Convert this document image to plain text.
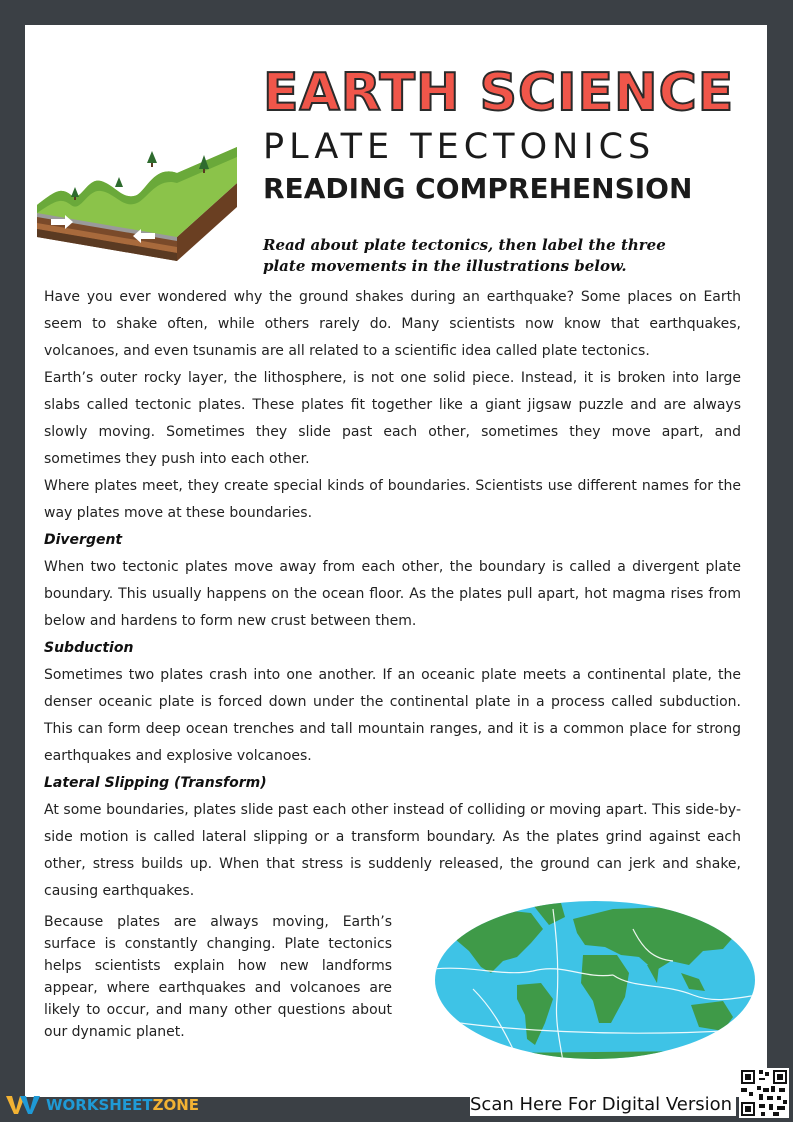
EARTH SCIENCE
PLATE TECTONICS
READING COMPREHENSION
Read about plate tectonics, then label the three plate movements in the illustrations below.

Have you ever wondered why the ground shakes during an earthquake? Some places on Earth seem to shake often, while others rarely do. Many scientists now know that earthquakes, volcanoes, and even tsunamis are all related to a scientific idea called plate tectonics.

Earth’s outer rocky layer, the lithosphere, is not one solid piece. Instead, it is broken into large slabs called tectonic plates. These plates fit together like a giant jigsaw puzzle and are always slowly moving. Sometimes they slide past each other, sometimes they move apart, and sometimes they push into each other.

Where plates meet, they create special kinds of boundaries. Scientists use different names for the way plates move at these boundaries.

Divergent

When two tectonic plates move away from each other, the boundary is called a divergent plate boundary. This usually happens on the ocean floor. As the plates pull apart, hot magma rises from below and hardens to form new crust between them.

Subduction

Sometimes two plates crash into one another. If an oceanic plate meets a continental plate, the denser oceanic plate is forced down under the continental plate in a process called subduction. This can form deep ocean trenches and tall mountain ranges, and it is a common place for strong earthquakes and explosive volcanoes.

Lateral Slipping (Transform)

At some boundaries, plates slide past each other instead of colliding or moving apart. This side-by-side motion is called lateral slipping or a transform boundary. As the plates grind against each other, stress builds up. When that stress is suddenly released, the ground can jerk and shake, causing earthquakes.

Because plates are always moving, Earth’s surface is constantly changing. Plate tectonics helps scientists explain how new landforms appear, where earthquakes and volcanoes are likely to occur, and many other questions about our dynamic planet.

WORKSHEETZONE	Scan Here For Digital Version
